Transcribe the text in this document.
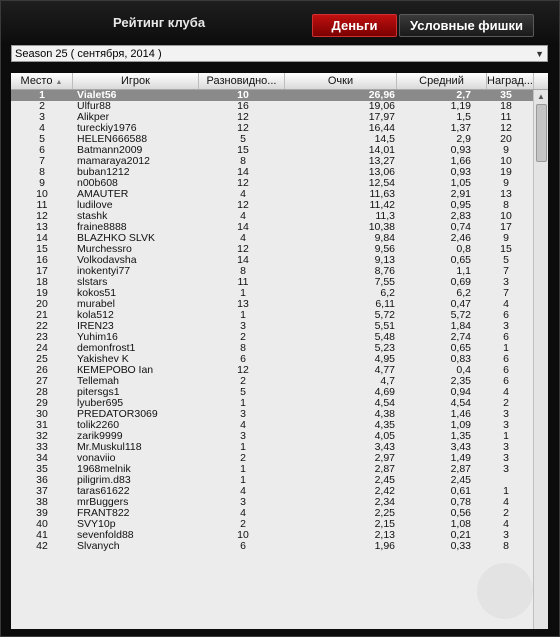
Рейтинг клуба	Деньги	Условные фишки
Season 25 ( сентября, 2014 )	▼
Место ▲	Игрок	Разновидно...	Очки	Средний	Наград...
1	Vialet56	10	26,96	2,7	35
2	Ulfur88	16	19,06	1,19	18
3	Alikper	12	17,97	1,5	11
4	tureckiy1976	12	16,44	1,37	12
5	HELEN666588	5	14,5	2,9	20
6	Batmann2009	15	14,01	0,93	9
7	mamaraya2012	8	13,27	1,66	10
8	buban1212	14	13,06	0,93	19
9	n00b608	12	12,54	1,05	9
10	AMAUTER	4	11,63	2,91	13
11	ludilove	12	11,42	0,95	8
12	stashk	4	11,3	2,83	10
13	fraine8888	14	10,38	0,74	17
14	BLAZHKO SLVK	4	9,84	2,46	9
15	Murchessro	12	9,56	0,8	15
16	Volkodavsha	14	9,13	0,65	5
17	inokentyi77	8	8,76	1,1	7
18	slstars	11	7,55	0,69	3
19	kokos51	1	6,2	6,2	7
20	murabel	13	6,11	0,47	4
21	kola512	1	5,72	5,72	6
22	IREN23	3	5,51	1,84	3
23	Yuhim16	2	5,48	2,74	6
24	demonfrost1	8	5,23	0,65	1
25	Yakishev K	6	4,95	0,83	6
26	КЕМЕРОВО Ian	12	4,77	0,4	6
27	Tellemah	2	4,7	2,35	6
28	pitersgs1	5	4,69	0,94	4
29	lyuber695	1	4,54	4,54	2
30	PREDATOR3069	3	4,38	1,46	3
31	tolik2260	4	4,35	1,09	3
32	zarik9999	3	4,05	1,35	1
33	Mr.Muskul118	1	3,43	3,43	3
34	vonaviio	2	2,97	1,49	3
35	1968melnik	1	2,87	2,87	3
36	piligrim.d83	1	2,45	2,45
37	taras61622	4	2,42	0,61	1
38	mrBuggers	3	2,34	0,78	4
39	FRANT822	4	2,25	0,56	2
40	SVY10p	2	2,15	1,08	4
41	sevenfold88	10	2,13	0,21	3
42	Slvanych	6	1,96	0,33	8
▲
